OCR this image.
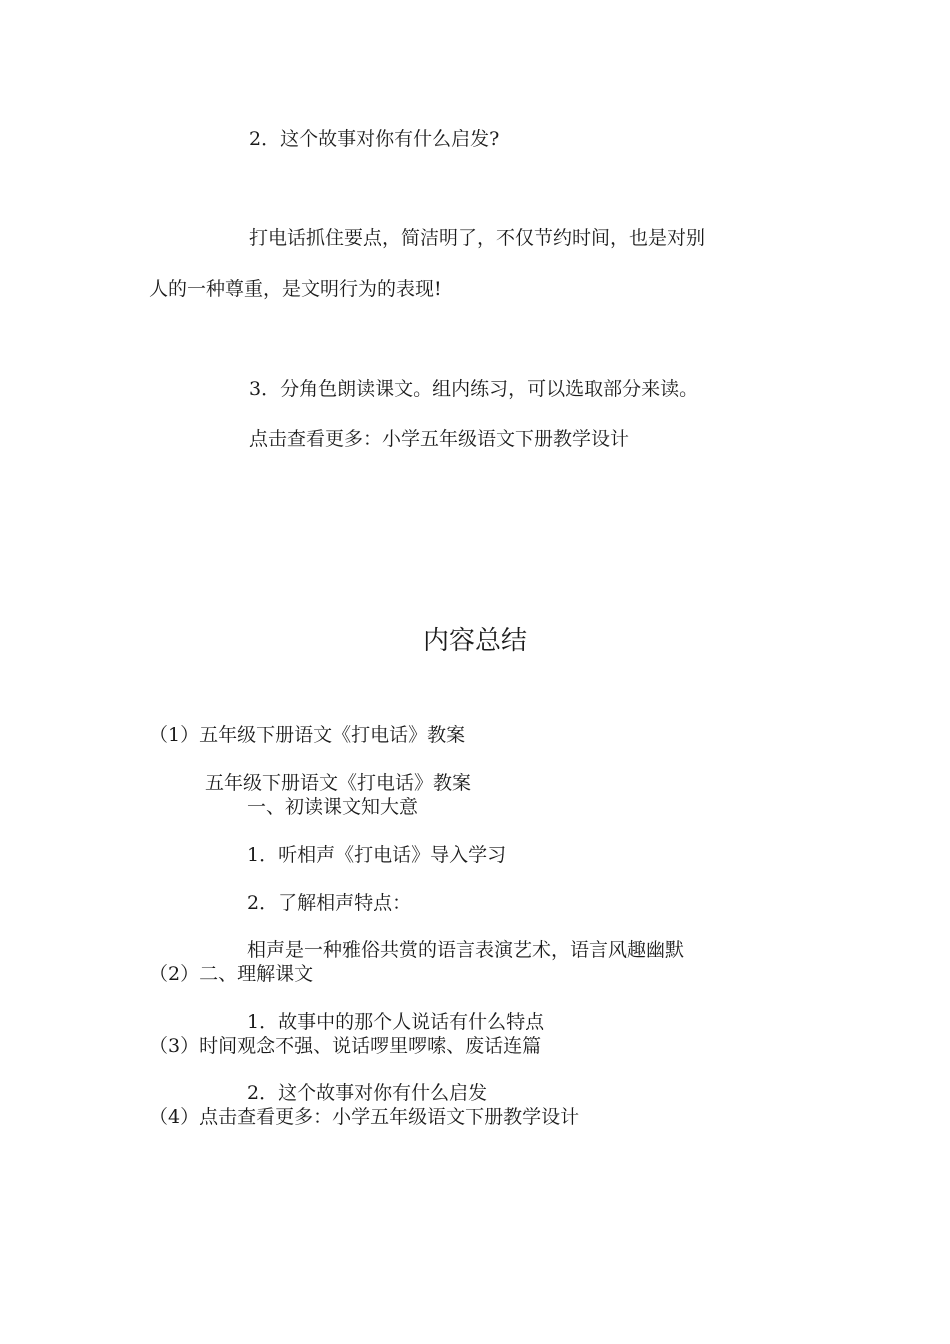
2．这个故事对你有什么启发?
打电话抓住要点，简洁明了，不仅节约时间，也是对别
人的一种尊重，是文明行为的表现!
3．分角色朗读课文。组内练习，可以选取部分来读。
点击查看更多：小学五年级语文下册教学设计
内容总结
（1）五年级下册语文《打电话》教案
五年级下册语文《打电话》教案
一、初读课文知大意
1．听相声《打电话》导入学习
2．了解相声特点：
相声是一种雅俗共赏的语言表演艺术，语言风趣幽默
（2）二、理解课文
1．故事中的那个人说话有什么特点
（3）时间观念不强、说话啰里啰嗦、废话连篇
2．这个故事对你有什么启发
（4）点击查看更多：小学五年级语文下册教学设计
